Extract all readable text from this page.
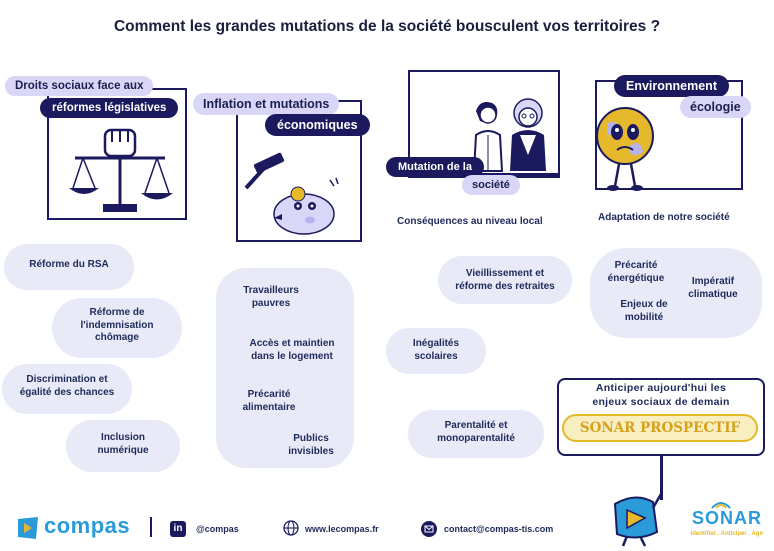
Comment les grandes mutations de la société bousculent vos territoires ?
Droits sociaux face aux
réformes législatives	Inflation et mutations
économiques
Mutation de la
société
Conséquences au niveau local
Environnement
écologie
Adaptation de notre société
Réforme du RSA
Réforme de l'indemnisation chômage
Discrimination et égalité des chances
Inclusion numérique
Travailleurs pauvres
Accès et maintien dans le logement
Précarité alimentaire
Publics invisibles
Vieillissement et réforme des retraites
Inégalités scolaires
Parentalité et monoparentalité
Précarité énergétique	Impératif climatique
Enjeux de mobilité
Anticiper aujourd'hui les
enjeux sociaux de demain
SONAR PROSPECTIF
compas	in	@compas	www.lecompas.fr	contact@compas-tis.com
SONAR
Identifier . Anticiper . Agir
